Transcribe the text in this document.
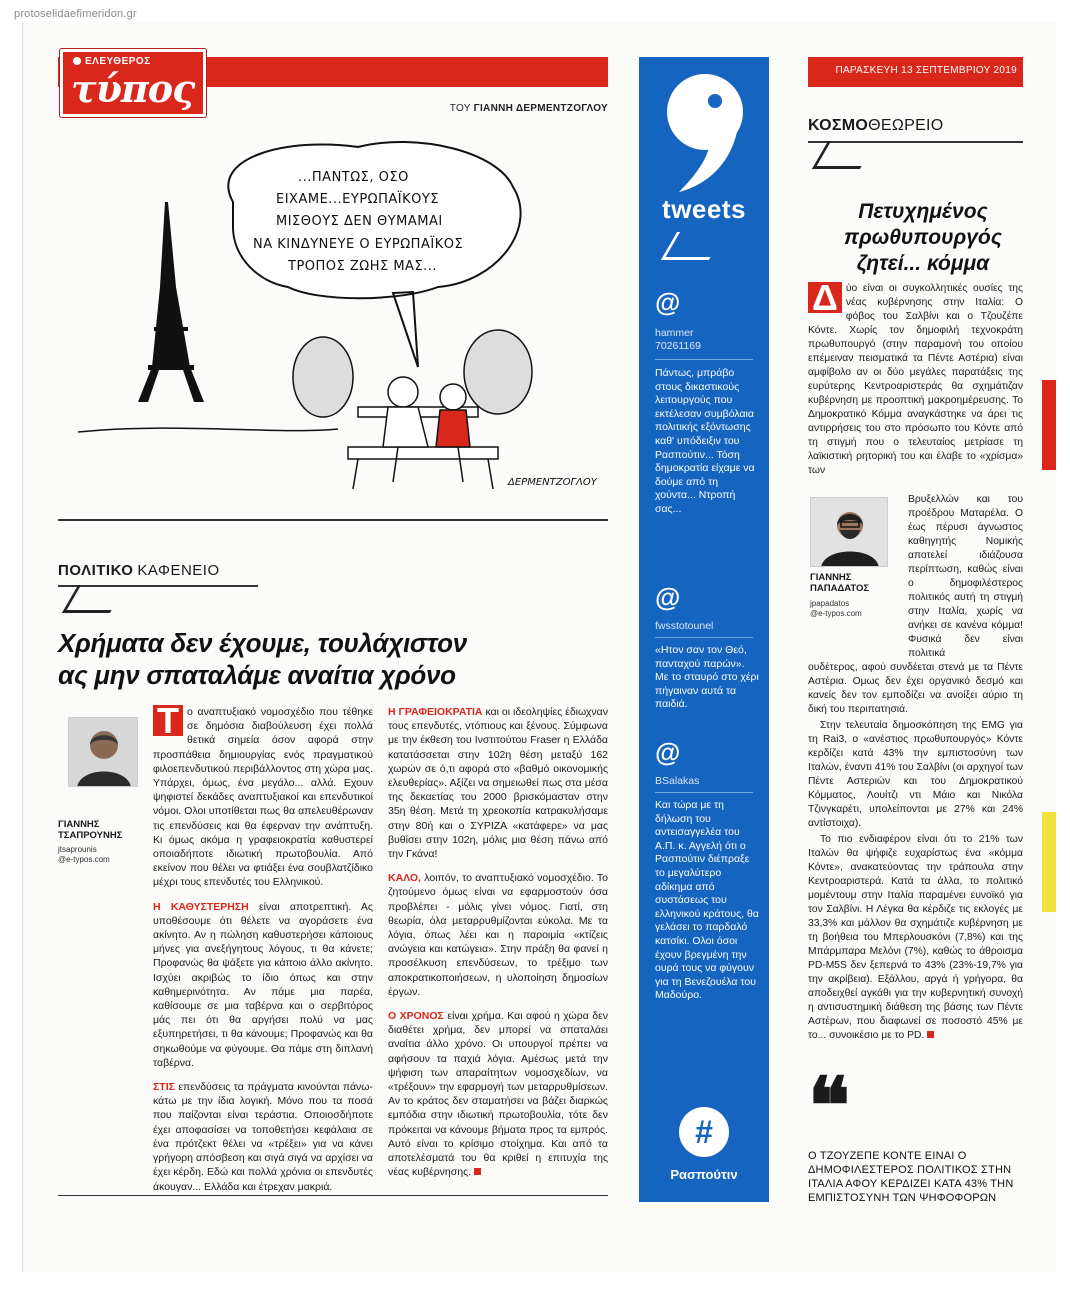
protoselidaefimeridon.gr
ΕΛΕΥΘΕΡΟΣ
τύπος	ΤΟΥ ΓΙΑΝΝΗ ΔΕΡΜΕΝΤΖΟΓΛΟΥ
...ΠΑΝΤΩΣ, ΟΣΟ
ΕΙΧΑΜΕ...ΕΥΡΩΠΑΪΚΟΥΣ
ΜΙΣΘΟΥΣ ΔΕΝ ΘΥΜΑΜΑΙ
ΝΑ ΚΙΝΔΥΝΕΥΕ Ο ΕΥΡΩΠΑΪΚΟΣ
ΤΡΟΠΟΣ ΖΩΗΣ ΜΑΣ...
ΔΕΡΜΕΝΤΖΟΓΛΟΥ
ΠΟΛΙΤΙΚΟ ΚΑΦΕΝΕΙΟ
Χρήματα δεν έχουμε, τουλάχιστον
ας μην σπαταλάμε αναίτια χρόνο
ΓΙΑΝΝΗΣ
ΤΣΑΠΡΟΥΝΗΣ
jtsaprounis
@e-typos.com

Τ ο αναπτυξιακό νομοσχέδιο που τέθηκε σε δημόσια διαβούλευση έχει πολλά θετικά σημεία όσον αφορά στην προσπάθεια δημιουργίας ενός πραγματικού φιλοεπενδυτικού περιβάλλοντος στη χώρα μας. Υπάρχει, όμως, ένα μεγάλο... αλλά. Εχουν ψηφιστεί δεκάδες αναπτυξιακοί και επενδυτικοί νόμοι. Ολοι υποτίθεται πως θα απελευθέρωναν τις επενδύσεις και θα έφερναν την ανάπτυξη. Κι όμως ακόμα η γραφειοκρατία καθυστερεί οποιαδήποτε ιδιωτική πρωτοβουλία. Από εκείνον που θέλει να φτιάξει ένα σουβλατζίδικο μέχρι τους επενδυτές του Ελληνικού.

Η ΚΑΘΥΣΤΕΡΗΣΗ είναι αποτρεπτική. Ας υποθέσουμε ότι θέλετε να αγοράσετε ένα ακίνητο. Αν η πώληση καθυστερήσει κάποιους μήνες για ανεξήγητους λόγους, τι θα κάνετε; Προφανώς θα ψάξετε για κάποιο άλλο ακίνητο. Ισχύει ακριβώς το ίδιο όπως και στην καθημερινότητα. Αν πάμε μια παρέα, καθίσουμε σε μια ταβέρνα και ο σερβιτόρος μάς πει ότι θα αργήσει πολύ να μας εξυπηρετήσει, τι θα κάνουμε; Προφανώς και θα σηκωθούμε να φύγουμε. Θα πάμε στη διπλανή ταβέρνα.

ΣΤΙΣ επενδύσεις τα πράγματα κινούνται πάνω-κάτω με την ίδια λογική. Μόνο που τα ποσά που παίζονται είναι τεράστια. Οποιοσδήποτε έχει αποφασίσει να τοποθετήσει κεφάλαια σε ένα πρότζεκτ θέλει να «τρέξει» για να κάνει γρήγορη απόσβεση και σιγά σιγά να αρχίσει να έχει κέρδη. Εδώ και πολλά χρόνια οι επενδυτές άκουγαν... Ελλάδα και έτρεχαν μακριά.

Η ΓΡΑΦΕΙΟΚΡΑΤΙΑ και οι ιδεοληψίες έδιωχναν τους επενδυτές, ντόπιους και ξένους. Σύμφωνα με την έκθεση του Ινστιτούτου Fraser η Ελλάδα κατατάσσεται στην 102η θέση μεταξύ 162 χωρών σε ό,τι αφορά στο «βαθμό οικονομικής ελευθερίας». Αξίζει να σημειωθεί πως στα μέσα της δεκαετίας του 2000 βρισκόμασταν στην 35η θέση. Μετά τη χρεοκοπία κατρακυλήσαμε στην 80ή και ο ΣΥΡΙΖΑ «κατάφερε» να μας βυθίσει στην 102η, μόλις μια θέση πάνω από την Γκάνα!

ΚΑΛΟ, λοιπόν, το αναπτυξιακό νομοσχέδιο. Το ζητούμενο όμως είναι να εφαρμοστούν όσα προβλέπει - μόλις γίνει νόμος. Γιατί, στη θεωρία, όλα μεταρρυθμίζονται εύκολα. Με τα λόγια, όπως λέει και η παροιμία «κτίζεις ανώγεια και κατώγεια». Στην πράξη θα φανεί η προσέλκυση επενδύσεων, το τρέξιμο των αποκρατικοποιήσεων, η υλοποίηση δημοσίων έργων.

Ο ΧΡΟΝΟΣ είναι χρήμα. Και αφού η χώρα δεν διαθέτει χρήμα, δεν μπορεί να σπαταλάει αναίτια άλλο χρόνο. Οι υπουργοί πρέπει να αφήσουν τα παχιά λόγια. Αμέσως μετά την ψήφιση των απαραίτητων νομοσχεδίων, να «τρέξουν» την εφαρμογή των μεταρρυθμίσεων. Αν το κράτος δεν σταματήσει να βάζει διαρκώς εμπόδια στην ιδιωτική πρωτοβουλία, τότε δεν πρόκειται να κάνουμε βήματα προς τα εμπρός. Αυτό είναι το κρίσιμο στοίχημα. Και από τα αποτελέσματά του θα κριθεί η επιτυχία της νέας κυβέρνησης.

tweets
@
hammer
70261169
Πάντως, μπράβο στους δικαστικούς λειτουργούς που εκτέλεσαν συμβόλαια πολιτικής εξόντωσης καθ' υπόδειξιν του Ρασπούτιν... Τόση δημοκρατία είχαμε να δούμε από τη χούντα... Ντροπή σας...
@
fwsstotounel
«Ητον σαν τον Θεό, πανταχού παρών». Με το σταυρό στο χέρι πήγαιναν αυτά τα παιδιά.
@
BSalakas
Και τώρα με τη δήλωση του αντεισαγγελέα του Α.Π. κ. Αγγελή ότι ο Ρασπούτιν διέπραξε το μεγαλύτερο αδίκημα από συστάσεως του ελληνικού κράτους, θα γελάσει το παρδαλό κατσίκι. Ολοι όσοι έχουν βρεγμένη την ουρά τους να φύγουν για τη Βενεζουέλα του Μαδούρο.
#
Ρασπούτιν
ΠΑΡΑΣΚΕΥΗ 13 ΣΕΠΤΕΜΒΡΙΟΥ 2019
ΚΟΣΜΟΘΕΩΡΕΙΟ
Πετυχημένος
πρωθυπουργός
ζητεί... κόμμα

Δ ύο είναι οι συγκολλητικές ουσίες της νέας κυβέρνησης στην Ιταλία: Ο φόβος του Σαλβίνι και ο Τζουζέπε Κόντε. Χωρίς τον δημοφιλή τεχνοκράτη πρωθυπουργό (στην παραμονή του οποίου επέμειναν πεισματικά τα Πέντε Αστέρια) είναι αμφίβολο αν οι δύο μεγάλες παρατάξεις της ευρύτερης Κεντροαριστεράς θα σχημάτιζαν κυβέρνηση με προοπτική μακροημέρευσης. Το Δημοκρατικό Κόμμα αναγκάστηκε να άρει τις αντιρρήσεις του στο πρόσωπο του Κόντε από τη στιγμή που ο τελευταίος μετρίασε τη λαϊκιστική ρητορική του και έλαβε το «χρίσμα» των

ΓΙΑΝΝΗΣ
ΠΑΠΑΔΑΤΟΣ
jpapadatos
@e-typos.com
Βρυξελλών και του προέδρου Ματαρέλα. Ο έως πέρυσι άγνωστος καθηγητής Νομικής αποτελεί ιδιάζουσα περίπτωση, καθώς είναι ο δημοφιλέστερος πολιτικός αυτή τη στιγμή στην Ιταλία, χωρίς να ανήκει σε κανένα κόμμα! Φυσικά δεν είναι πολιτικά

ουδέτερος, αφού συνδέεται στενά με τα Πέντε Αστέρια. Ομως δεν έχει οργανικό δεσμό και κανείς δεν τον εμποδίζει να ανοίξει αύριο τη δική του περιπατησιά.

Στην τελευταία δημοσκόπηση της EMG για τη Rai3, ο «ανέστιος πρωθυπουργός» Κόντε κερδίζει κατά 43% την εμπιστοσύνη των Ιταλών, έναντι 41% του Σαλβίνι (οι αρχηγοί των Πέντε Αστεριών και του Δημοκρατικού Κόμματος, Λουίτζι ντι Μάιο και Νικόλα Τζινγκαρέτι, υπολείπονται με 27% και 24% αντίστοιχα).

Το πιο ενδιαφέρον είναι ότι το 21% των Ιταλών θα ψήφιζε ευχαρίστως ένα «κόμμα Κόντε», ανακατεύοντας την τράπουλα στην Κεντροαριστερά. Κατά τα άλλα, το πολιτικό μομέντουμ στην Ιταλία παραμένει ευνοϊκό για τον Σαλβίνι. Η Λέγκα θα κέρδιζε τις εκλογές με 33,3% και μάλλον θα σχημάτιζε κυβέρνηση με τη βοήθεια του Μπερλουσκόνι (7,8%) και της Μπάρμπαρα Μελόνι (7%), καθώς το άθροισμα PD-M5S δεν ξεπερνά το 43% (23%-19,7% για την ακρίβεια). Εξάλλου, αργά ή γρήγορα, θα αποδειχθεί αγκάθι για την κυβερνητική συνοχή η αντισυστημική διάθεση της βάσης των Πέντε Αστέρων, που διαφωνεί σε ποσοστό 45% με το... συνοικέσιο με το PD.

❝
Ο ΤΖΟΥΖΕΠΕ ΚΟΝΤΕ ΕΙΝΑΙ Ο ΔΗΜΟΦΙΛΕΣΤΕΡΟΣ ΠΟΛΙΤΙΚΟΣ ΣΤΗΝ ΙΤΑΛΙΑ ΑΦΟΥ ΚΕΡΔΙΖΕΙ ΚΑΤΑ 43% ΤΗΝ ΕΜΠΙΣΤΟΣΥΝΗ ΤΩΝ ΨΗΦΟΦΟΡΩΝ
